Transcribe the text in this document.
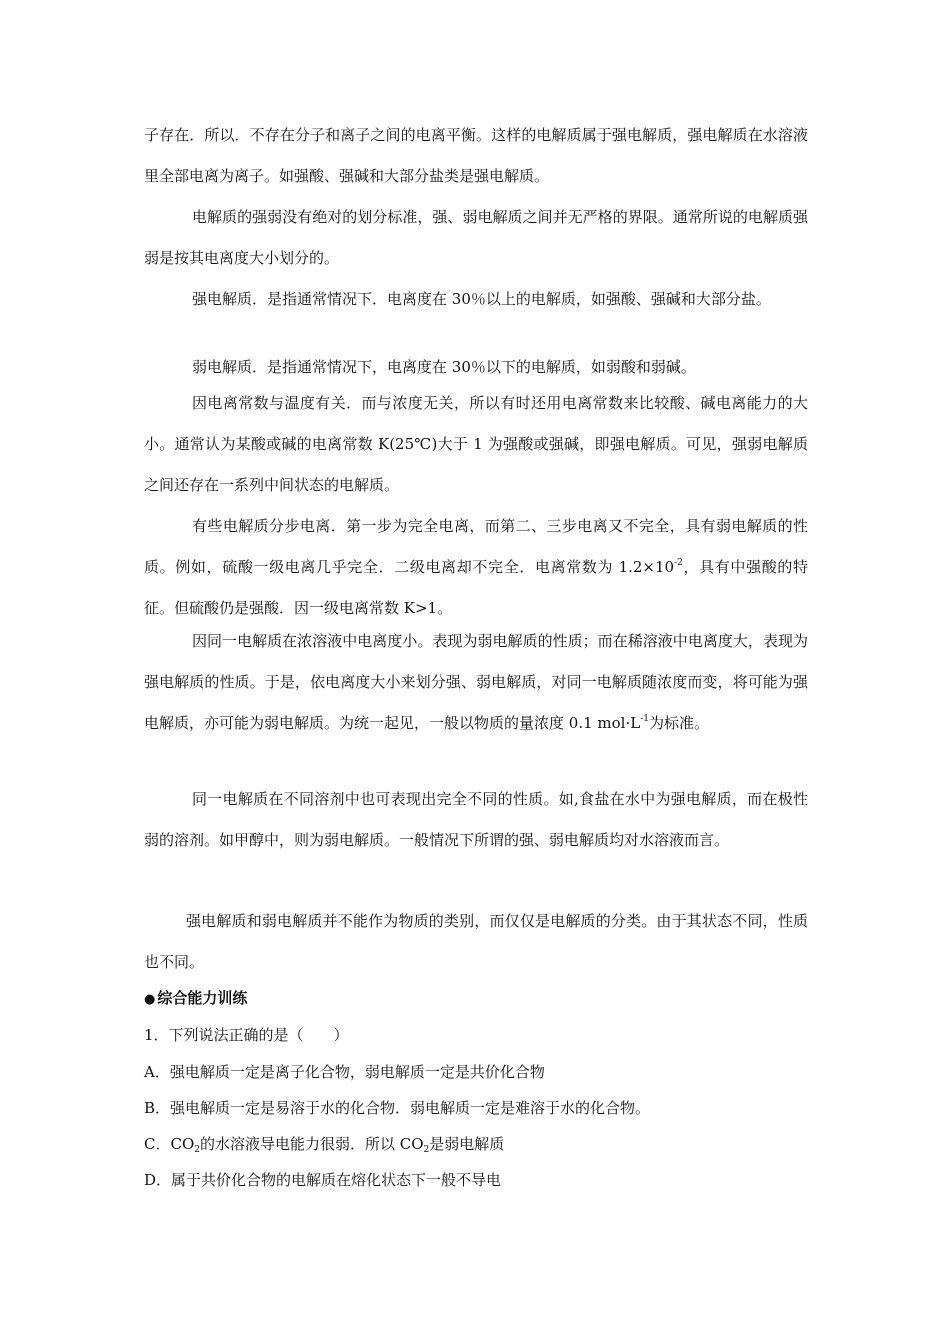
子存在．所以．不存在分子和离子之间的电离平衡。这样的电解质属于强电解质，强电解质在水溶液里全部电离为离子。如强酸、强碱和大部分盐类是强电解质。

电解质的强弱没有绝对的划分标准，强、弱电解质之间并无严格的界限。通常所说的电解质强弱是按其电离度大小划分的。

强电解质．是指通常情况下．电离度在 30％以上的电解质，如强酸、强碱和大部分盐。

弱电解质．是指通常情况下，电离度在 30％以下的电解质，如弱酸和弱碱。

因电离常数与温度有关．而与浓度无关，所以有时还用电离常数来比较酸、碱电离能力的大小。通常认为某酸或碱的电离常数 K(25℃)大于 1 为强酸或强碱，即强电解质。可见，强弱电解质之间还存在一系列中间状态的电解质。

有些电解质分步电离．第一步为完全电离，而第二、三步电离又不完全，具有弱电解质的性质。例如，硫酸一级电离几乎完全．二级电离却不完全．电离常数为 $1.2\times 10^{-2}$，具有中强酸的特征。但硫酸仍是强酸．因一级电离常数 K>1。

因同一电解质在浓溶液中电离度小。表现为弱电解质的性质；而在稀溶液中电离度大，表现为强电解质的性质。于是，依电离度大小来划分强、弱电解质，对同一电解质随浓度而变，将可能为强电解质，亦可能为弱电解质。为统一起见，一般以物质的量浓度 0.1 $mol\cdot L^{-1}$为标准。

同一电解质在不同溶剂中也可表现出完全不同的性质。如,食盐在水中为强电解质，而在极性弱的溶剂。如甲醇中，则为弱电解质。一般情况下所谓的强、弱电解质均对水溶液而言。

强电解质和弱电解质并不能作为物质的类别，而仅仅是电解质的分类。由于其状态不同，性质也不同。

● 综合能力训练

1．下列说法正确的是（　　）

A．强电解质一定是离子化合物，弱电解质一定是共价化合物

B．强电解质一定是易溶于水的化合物．弱电解质一定是难溶于水的化合物。

C．$CO_2$的水溶液导电能力很弱．所以 $CO_2$是弱电解质

D．属于共价化合物的电解质在熔化状态下一般不导电
